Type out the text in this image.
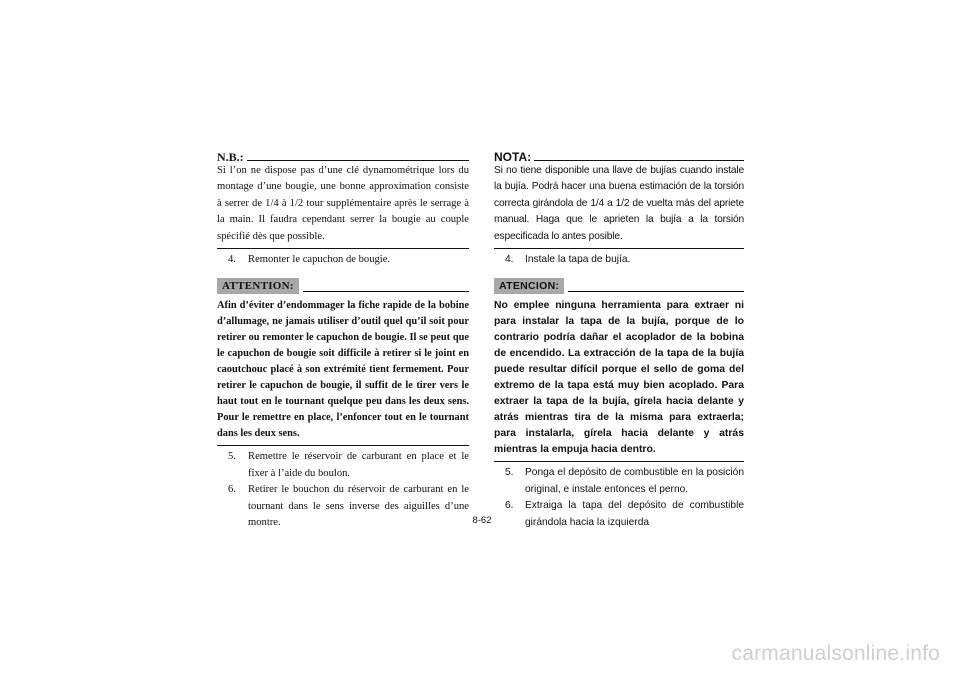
N.B.:
Si l’on ne dispose pas d’une clé dynamométrique lors du montage d’une bougie, une bonne approximation consiste à serrer de 1/4 à 1/2 tour supplémentaire après le serrage à la main. Il faudra cependant serrer la bougie au couple spécifié dès que possible.
4.	Remonter le capuchon de bougie.
ATTENTION:
Afin d’éviter d’endommager la fiche rapide de la bobine d’allumage, ne jamais utiliser d’outil quel qu’il soit pour retirer ou remonter le capuchon de bougie. Il se peut que le capuchon de bougie soit difficile à retirer si le joint en caoutchouc placé à son extrémité tient fermement. Pour retirer le capuchon de bougie, il suffit de le tirer vers le haut tout en le tournant quelque peu dans les deux sens. Pour le remettre en place, l’enfoncer tout en le tournant dans les deux sens.
5.	Remettre le réservoir de carburant en place et le fixer à l’aide du boulon.
6.	Retirer le bouchon du réservoir de carburant en le tournant dans le sens inverse des aiguilles d’une montre.
NOTA:
Si no tiene disponible una llave de bujías cuando instale la bujía. Podrá hacer una buena estimación de la torsión correcta girándola de 1/4 a 1/2 de vuelta más del apriete manual. Haga que le aprieten la bujía a la torsión especificada lo antes posible.
4.	Instale la tapa de bujía.
ATENCION:
No emplee ninguna herramienta para extraer ni para instalar la tapa de la bujía, porque de lo contrario podría dañar el acoplador de la bobina de encendido. La extracción de la tapa de la bujía puede resultar difícil porque el sello de goma del extremo de la tapa está muy bien acoplado. Para extraer la tapa de la bujía, gírela hacia delante y atrás mientras tira de la misma para extraerla; para instalarla, gírela hacia delante y atrás mientras la empuja hacia dentro.
5.	Ponga el depósito de combustible en la posición original, e instale entonces el perno.
6.	Extraiga la tapa del depósito de combustible girándola hacia la izquierda
8-62
carmanualsonline.info
